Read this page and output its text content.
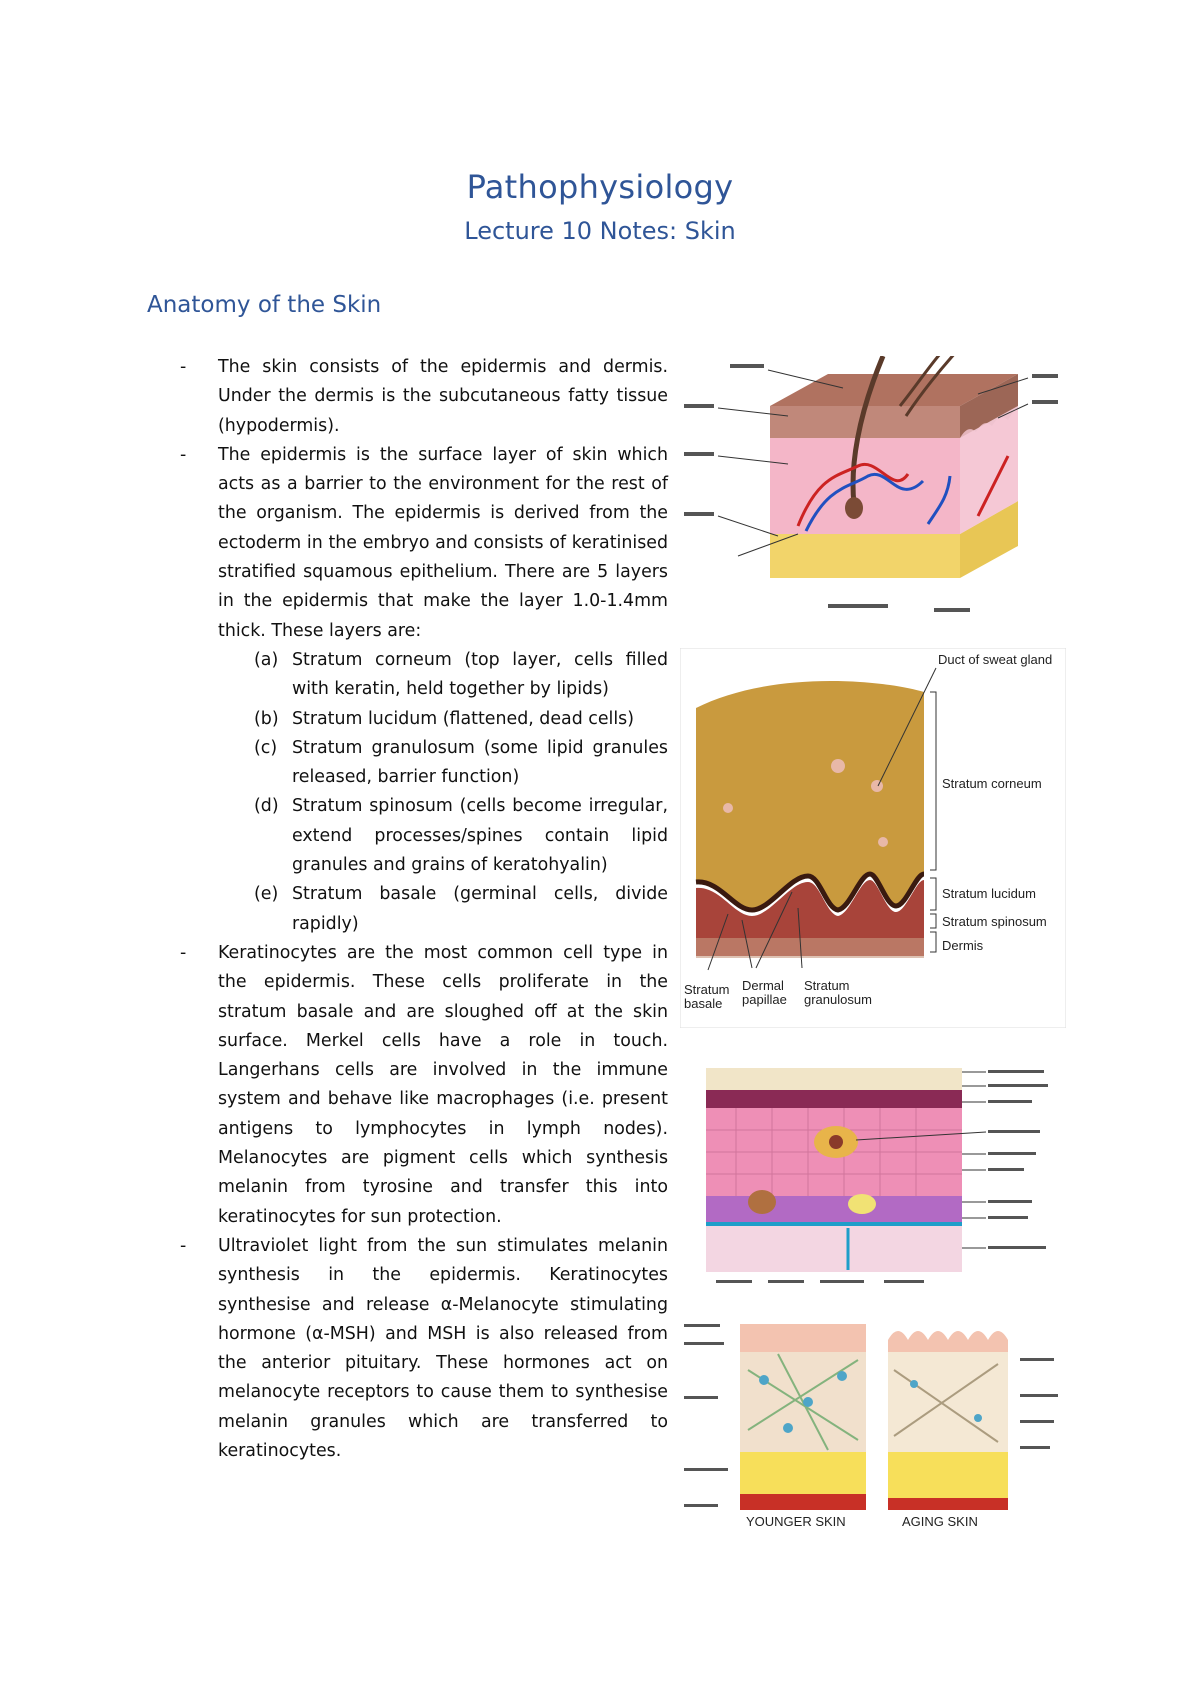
Pathophysiology
Lecture 10 Notes: Skin
Anatomy of the Skin

- The skin consists of the epidermis and dermis. Under the dermis is the subcutaneous fatty tissue (hypodermis).

- The epidermis is the surface layer of skin which acts as a barrier to the environment for the rest of the organism. The epidermis is derived from the ectoderm in the embryo and consists of keratinised stratified squamous epithelium. There are 5 layers in the epidermis that make the layer 1.0-1.4mm thick. These layers are:

(a) Stratum corneum (top layer, cells filled with keratin, held together by lipids)

(b) Stratum lucidum (flattened, dead cells)

(c) Stratum granulosum (some lipid granules released, barrier function)

(d) Stratum spinosum (cells become irregular, extend processes/spines contain lipid granules and grains of keratohyalin)

(e) Stratum basale (germinal cells, divide rapidly)

- Keratinocytes are the most common cell type in the epidermis. These cells proliferate in the stratum basale and are sloughed off at the skin surface. Merkel cells have a role in touch. Langerhans cells are involved in the immune system and behave like macrophages (i.e. present antigens to lymphocytes in lymph nodes). Melanocytes are pigment cells which synthesis melanin from tyrosine and transfer this into keratinocytes for sun protection.

- Ultraviolet light from the sun stimulates melanin synthesis in the epidermis. Keratinocytes synthesise and release α-Melanocyte stimulating hormone (α-MSH) and MSH is also released from the anterior pituitary. These hormones act on melanocyte receptors to cause them to synthesise melanin granules which are transferred to keratinocytes.

Duct of sweat gland
Stratum corneum
Stratum lucidum
Stratum spinosum
Dermis
Stratum
basale
Dermal
papillae
Stratum
granulosum
YOUNGER SKIN	AGING SKIN
